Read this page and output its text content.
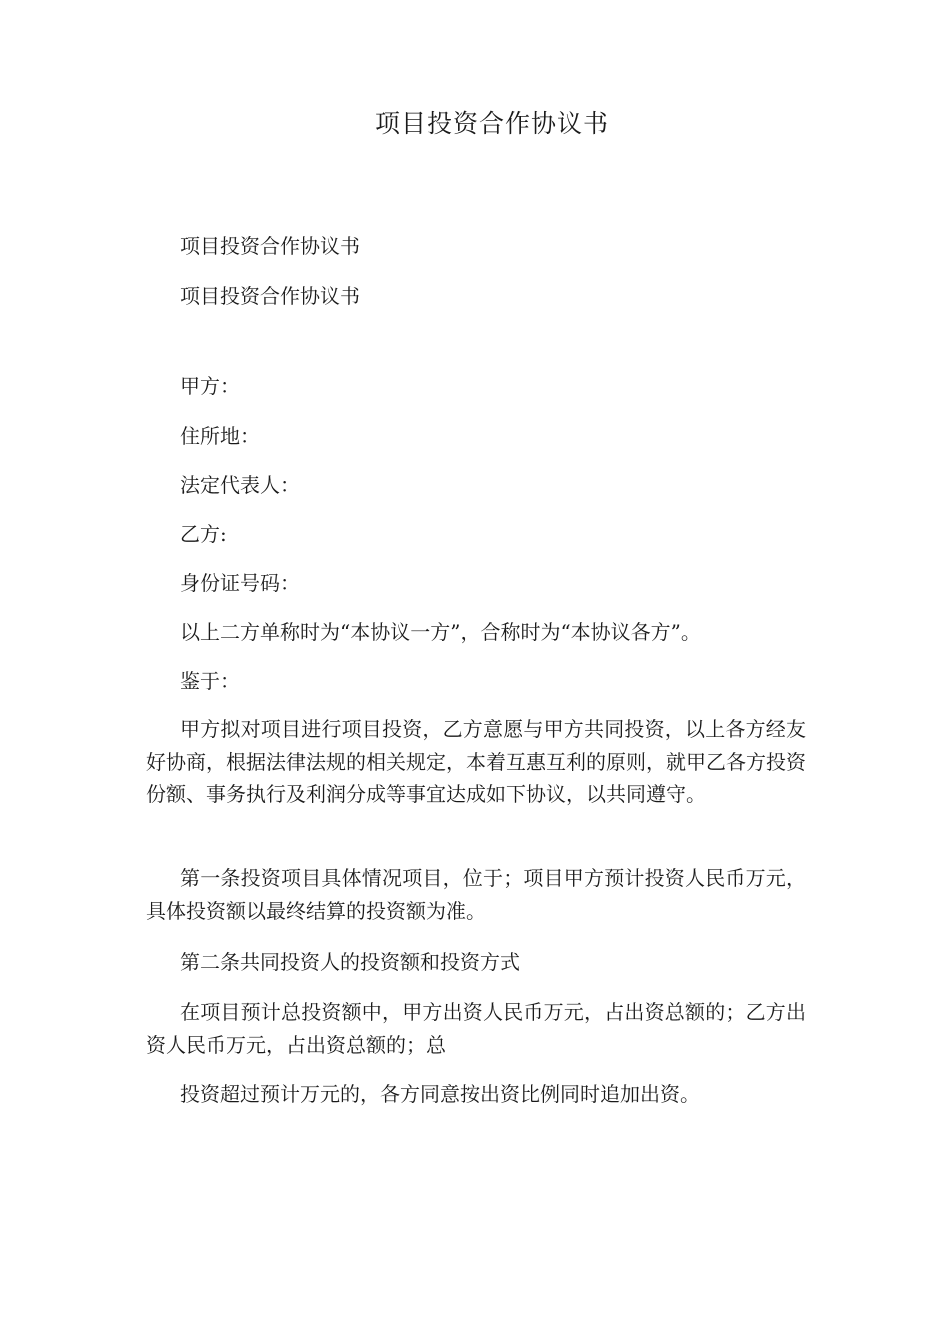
项目投资合作协议书

项目投资合作协议书

项目投资合作协议书

甲方：

住所地：

法定代表人：

乙方:

身份证号码：

以上二方单称时为“本协议一方”，合称时为“本协议各方”。

鉴于：

甲方拟对项目进行项目投资，乙方意愿与甲方共同投资，以上各方经友好协商，根据法律法规的相关规定，本着互惠互利的原则，就甲乙各方投资份额、事务执行及利润分成等事宜达成如下协议，以共同遵守。

第一条投资项目具体情况项目，位于；项目甲方预计投资人民币万元，具体投资额以最终结算的投资额为准。

第二条共同投资人的投资额和投资方式

在项目预计总投资额中，甲方出资人民币万元，占出资总额的；乙方出资人民币万元，占出资总额的；总

投资超过预计万元的，各方同意按出资比例同时追加出资。
